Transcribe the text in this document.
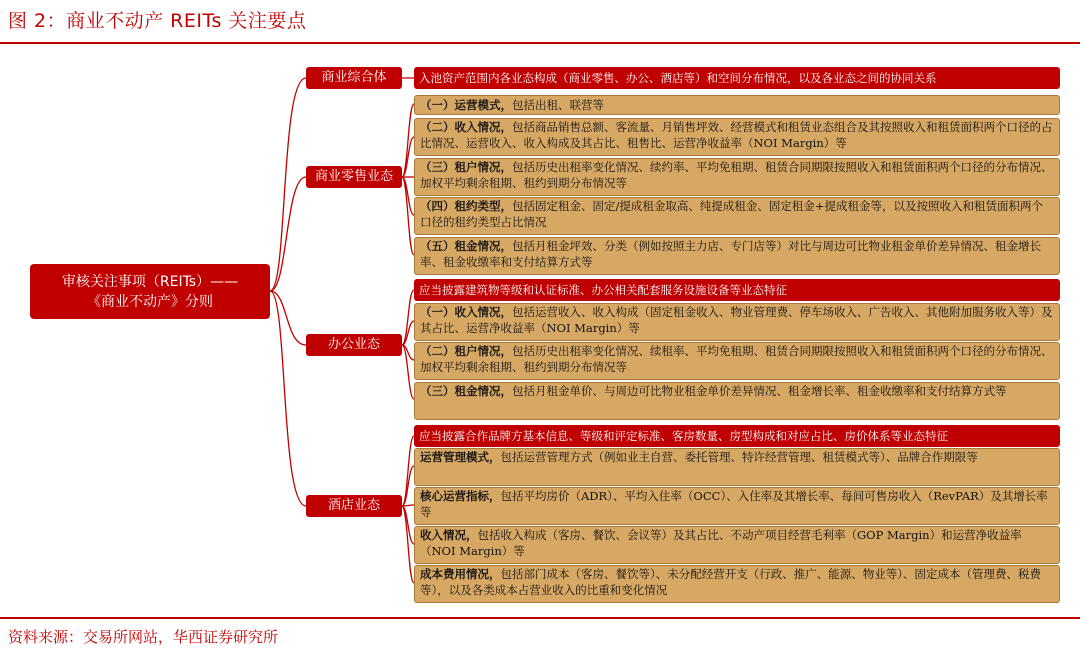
图 2：商业不动产 REITs 关注要点
审核关注事项（REITs）——
《商业不动产》分则
商业综合体
商业零售业态
办公业态
酒店业态
入池资产范围内各业态构成（商业零售、办公、酒店等）和空间分布情况，以及各业态之间的协同关系
（一）运营模式，包括出租、联营等
（二）收入情况，包括商品销售总额、客流量、月销售坪效、经营模式和租赁业态组合及其按照收入和租赁面积两个口径的占比情况、运营收入、收入构成及其占比、租售比、运营净收益率（NOI Margin）等
（三）租户情况，包括历史出租率变化情况、续约率、平均免租期、租赁合同期限按照收入和租赁面积两个口径的分布情况、加权平均剩余租期、租约到期分布情况等
（四）租约类型，包括固定租金、固定/提成租金取高、纯提成租金、固定租金+提成租金等，以及按照收入和租赁面积两个口径的租约类型占比情况
（五）租金情况，包括月租金坪效、分类（例如按照主力店、专门店等）对比与周边可比物业租金单价差异情况、租金增长率、租金收缴率和支付结算方式等
应当披露建筑物等级和认证标准、办公相关配套服务设施设备等业态特征
（一）收入情况，包括运营收入、收入构成（固定租金收入、物业管理费、停车场收入、广告收入、其他附加服务收入等）及其占比、运营净收益率（NOI Margin）等
（二）租户情况，包括历史出租率变化情况、续租率、平均免租期、租赁合同期限按照收入和租赁面积两个口径的分布情况、加权平均剩余租期、租约到期分布情况等
（三）租金情况，包括月租金单价、与周边可比物业租金单价差异情况、租金增长率、租金收缴率和支付结算方式等
应当披露合作品牌方基本信息、等级和评定标准、客房数量、房型构成和对应占比、房价体系等业态特征
运营管理模式，包括运营管理方式（例如业主自营、委托管理、特许经营管理、租赁模式等）、品牌合作期限等
核心运营指标，包括平均房价（ADR）、平均入住率（OCC）、入住率及其增长率、每间可售房收入（RevPAR）及其增长率等
收入情况，包括收入构成（客房、餐饮、会议等）及其占比、不动产项目经营毛利率（GOP Margin）和运营净收益率（NOI Margin）等
成本费用情况，包括部门成本（客房、餐饮等）、未分配经营开支（行政、推广、能源、物业等）、固定成本（管理费、税费等），以及各类成本占营业收入的比重和变化情况
资料来源：交易所网站，华西证券研究所
